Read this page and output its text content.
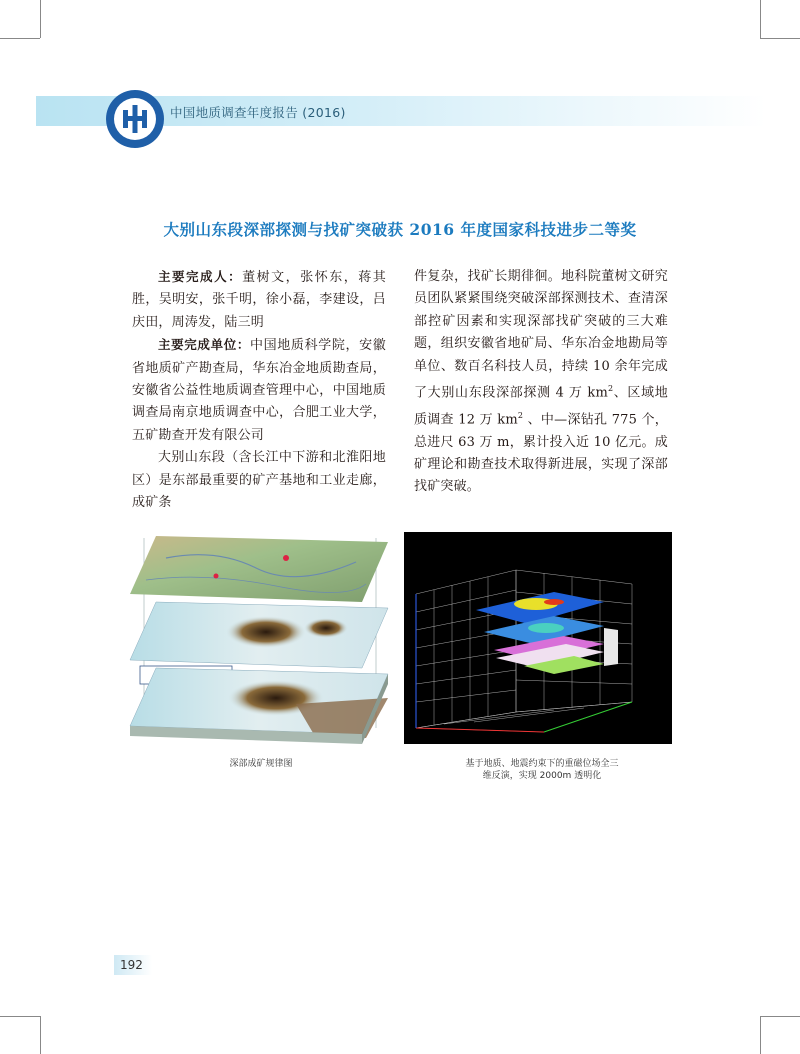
中国地质调查年度报告 (2016)
大别山东段深部探测与找矿突破获 2016 年度国家科技进步二等奖

主要完成人：董树文，张怀东，蒋其胜，吴明安，张千明，徐小磊，李建设，吕庆田，周涛发，陆三明

主要完成单位：中国地质科学院，安徽省地质矿产勘查局，华东冶金地质勘查局，安徽省公益性地质调查管理中心，中国地质调查局南京地质调查中心，合肥工业大学，五矿勘查开发有限公司

大别山东段（含长江中下游和北淮阳地区）是东部最重要的矿产基地和工业走廊，成矿条

件复杂，找矿长期徘徊。地科院董树文研究员团队紧紧围绕突破深部探测技术、查清深部控矿因素和实现深部找矿突破的三大难题，组织安徽省地矿局、华东冶金地勘局等单位、数百名科技人员，持续 10 余年完成了大别山东段深部探测 4 万 $km^2$、区域地质调查 12 万 $km^2$ 、中—深钻孔 775 个，总进尺 63 万 m，累计投入近 10 亿元。成矿理论和勘查技术取得新进展，实现了深部找矿突破。

深部成矿规律图	基于地质、地震约束下的重磁位场全三维反演，实现 2000m 透明化
192
